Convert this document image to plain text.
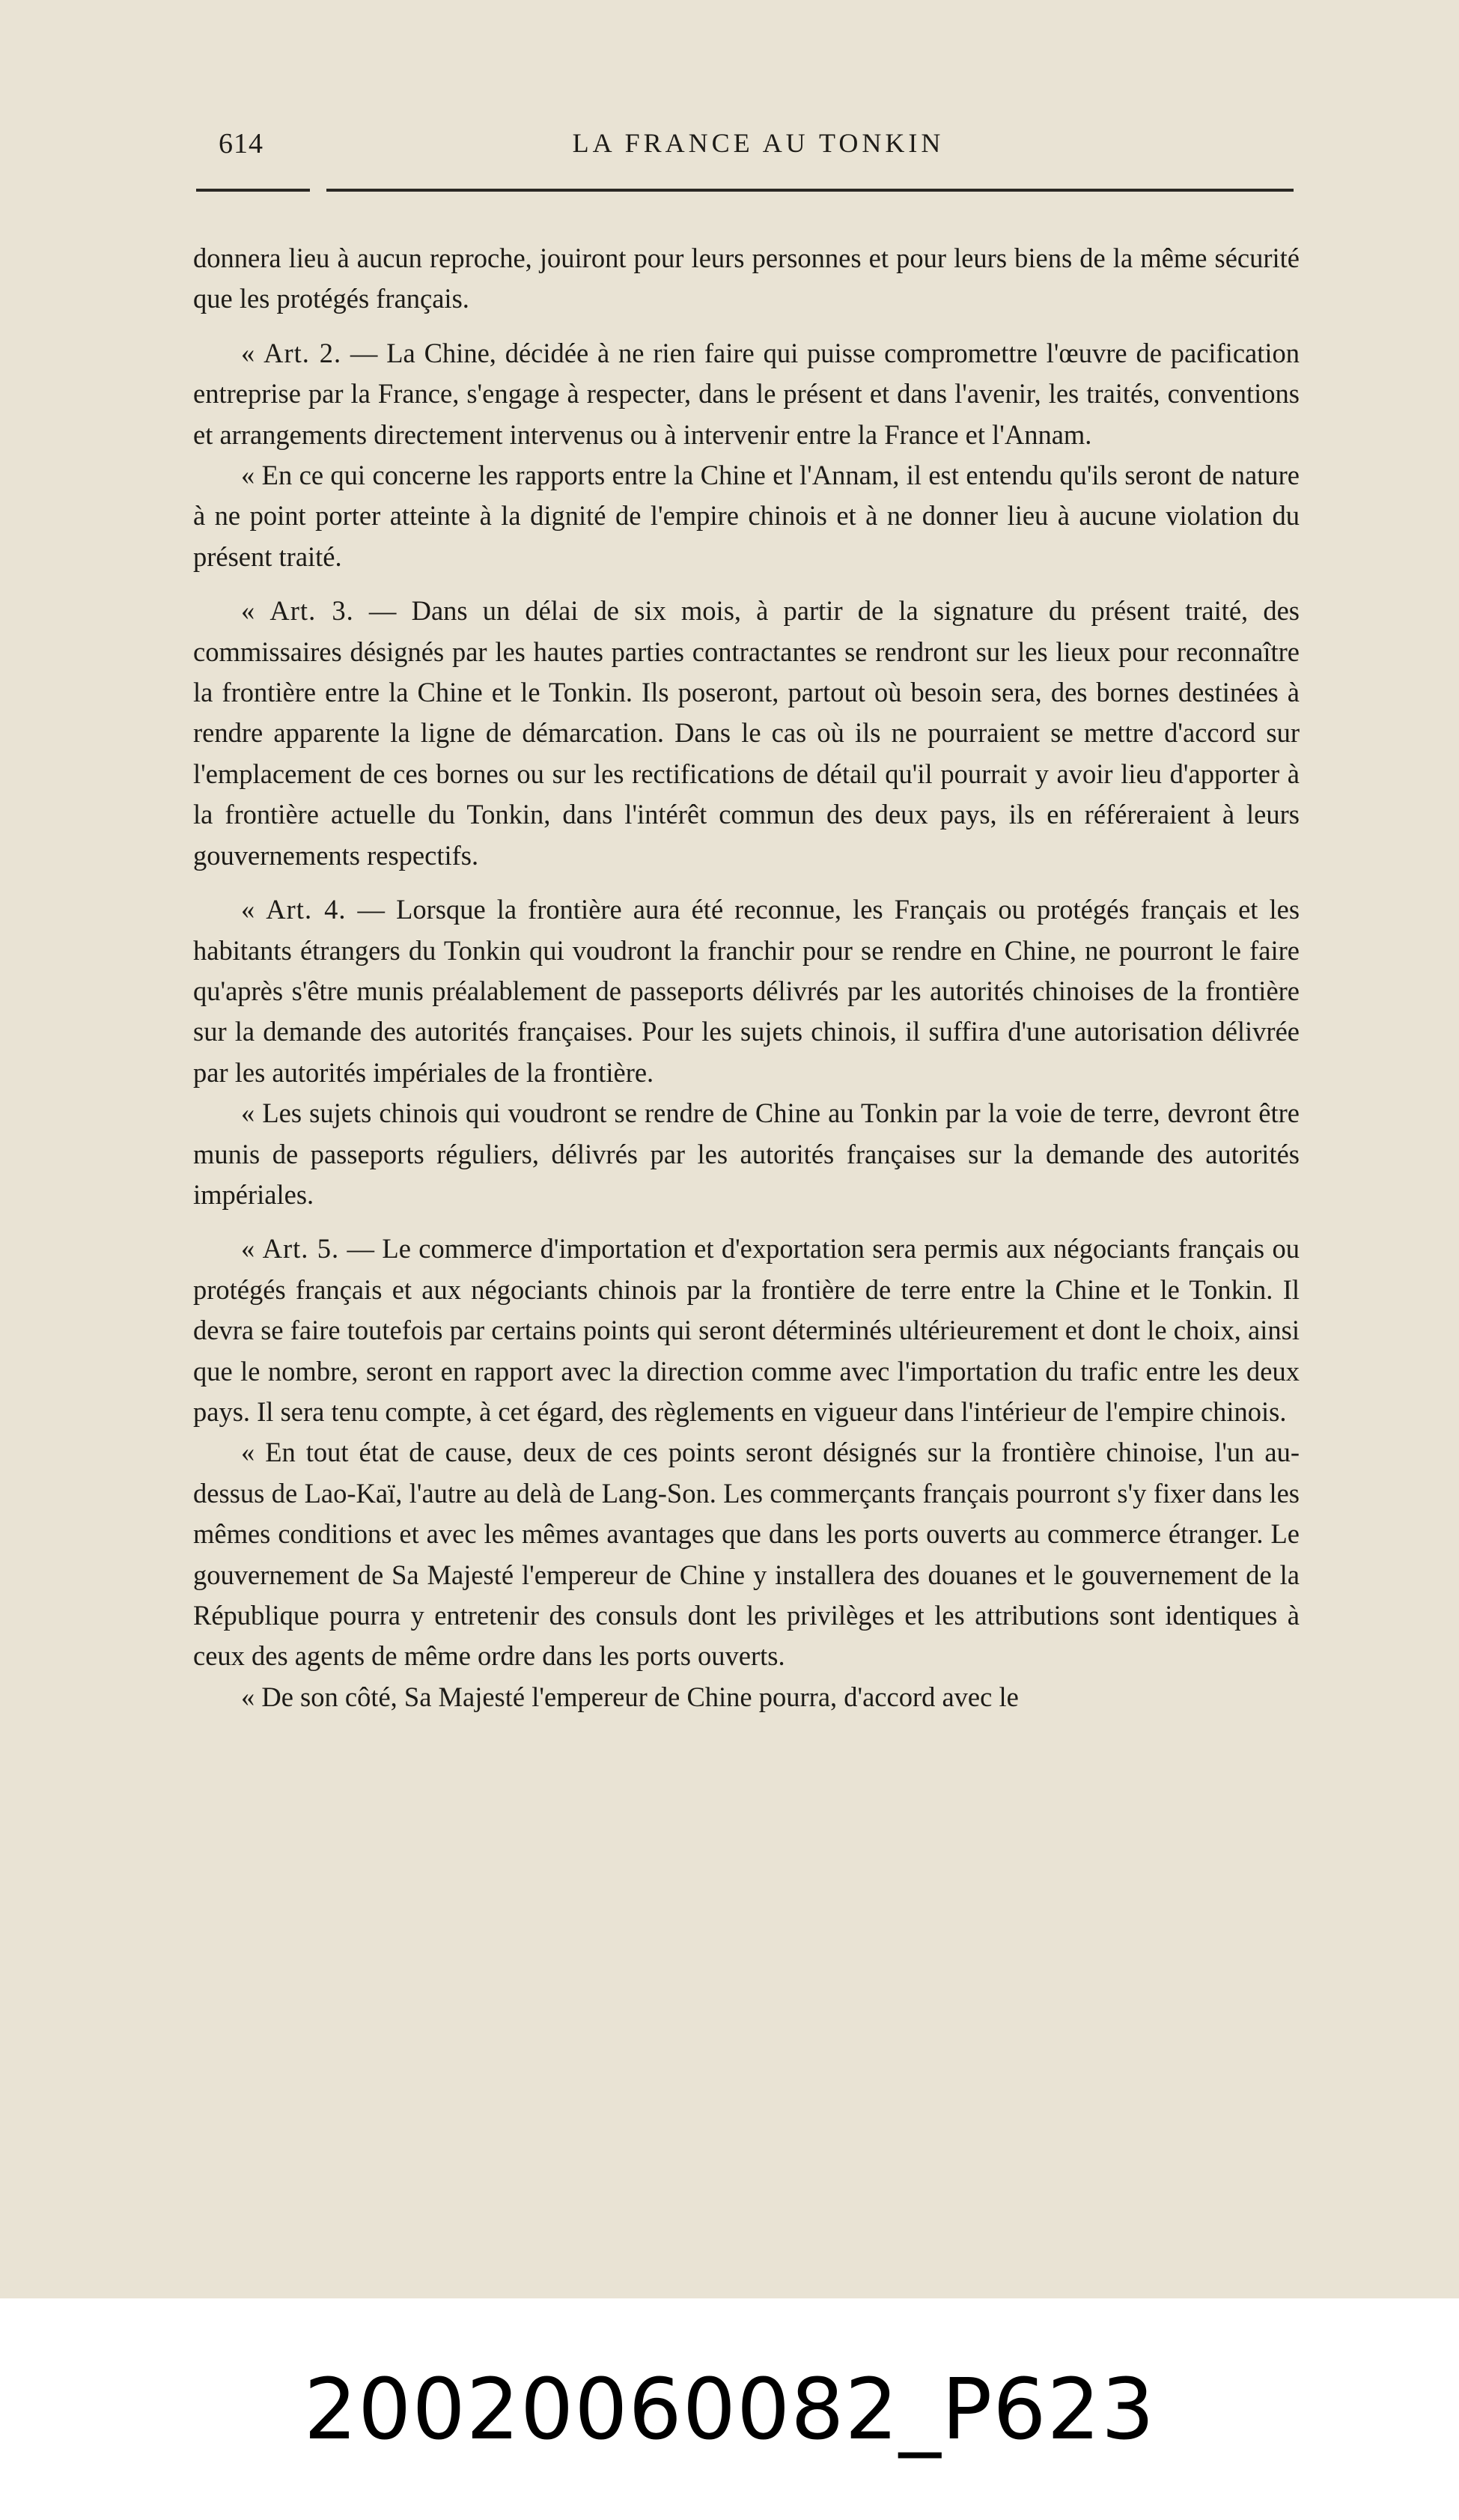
614	LA FRANCE AU TONKIN

donnera lieu à aucun reproche, jouiront pour leurs personnes et pour leurs biens de la même sécurité que les protégés français.

« Art. 2. — La Chine, décidée à ne rien faire qui puisse compromettre l'œuvre de pacification entreprise par la France, s'engage à respecter, dans le présent et dans l'avenir, les traités, conventions et arrangements directement intervenus ou à intervenir entre la France et l'Annam.

« En ce qui concerne les rapports entre la Chine et l'Annam, il est entendu qu'ils seront de nature à ne point porter atteinte à la dignité de l'empire chinois et à ne donner lieu à aucune violation du présent traité.

« Art. 3. — Dans un délai de six mois, à partir de la signature du présent traité, des commissaires désignés par les hautes parties contractantes se rendront sur les lieux pour reconnaître la frontière entre la Chine et le Tonkin. Ils poseront, partout où besoin sera, des bornes destinées à rendre apparente la ligne de démarcation. Dans le cas où ils ne pourraient se mettre d'accord sur l'emplacement de ces bornes ou sur les rectifications de détail qu'il pourrait y avoir lieu d'apporter à la frontière actuelle du Tonkin, dans l'intérêt commun des deux pays, ils en référeraient à leurs gouvernements respectifs.

« Art. 4. — Lorsque la frontière aura été reconnue, les Français ou protégés français et les habitants étrangers du Tonkin qui voudront la franchir pour se rendre en Chine, ne pourront le faire qu'après s'être munis préalablement de passeports délivrés par les autorités chinoises de la frontière sur la demande des autorités françaises. Pour les sujets chinois, il suffira d'une autorisation délivrée par les autorités impériales de la frontière.

« Les sujets chinois qui voudront se rendre de Chine au Tonkin par la voie de terre, devront être munis de passeports réguliers, délivrés par les autorités françaises sur la demande des autorités impériales.

« Art. 5. — Le commerce d'importation et d'exportation sera permis aux négociants français ou protégés français et aux négociants chinois par la frontière de terre entre la Chine et le Tonkin. Il devra se faire toutefois par certains points qui seront déterminés ultérieurement et dont le choix, ainsi que le nombre, seront en rapport avec la direction comme avec l'importation du trafic entre les deux pays. Il sera tenu compte, à cet égard, des règlements en vigueur dans l'intérieur de l'empire chinois.

« En tout état de cause, deux de ces points seront désignés sur la frontière chinoise, l'un au-dessus de Lao-Kaï, l'autre au delà de Lang-Son. Les commerçants français pourront s'y fixer dans les mêmes conditions et avec les mêmes avantages que dans les ports ouverts au commerce étranger. Le gouvernement de Sa Majesté l'empereur de Chine y installera des douanes et le gouvernement de la République pourra y entretenir des consuls dont les privilèges et les attributions sont identiques à ceux des agents de même ordre dans les ports ouverts.

« De son côté, Sa Majesté l'empereur de Chine pourra, d'accord avec le

20020060082_P623
